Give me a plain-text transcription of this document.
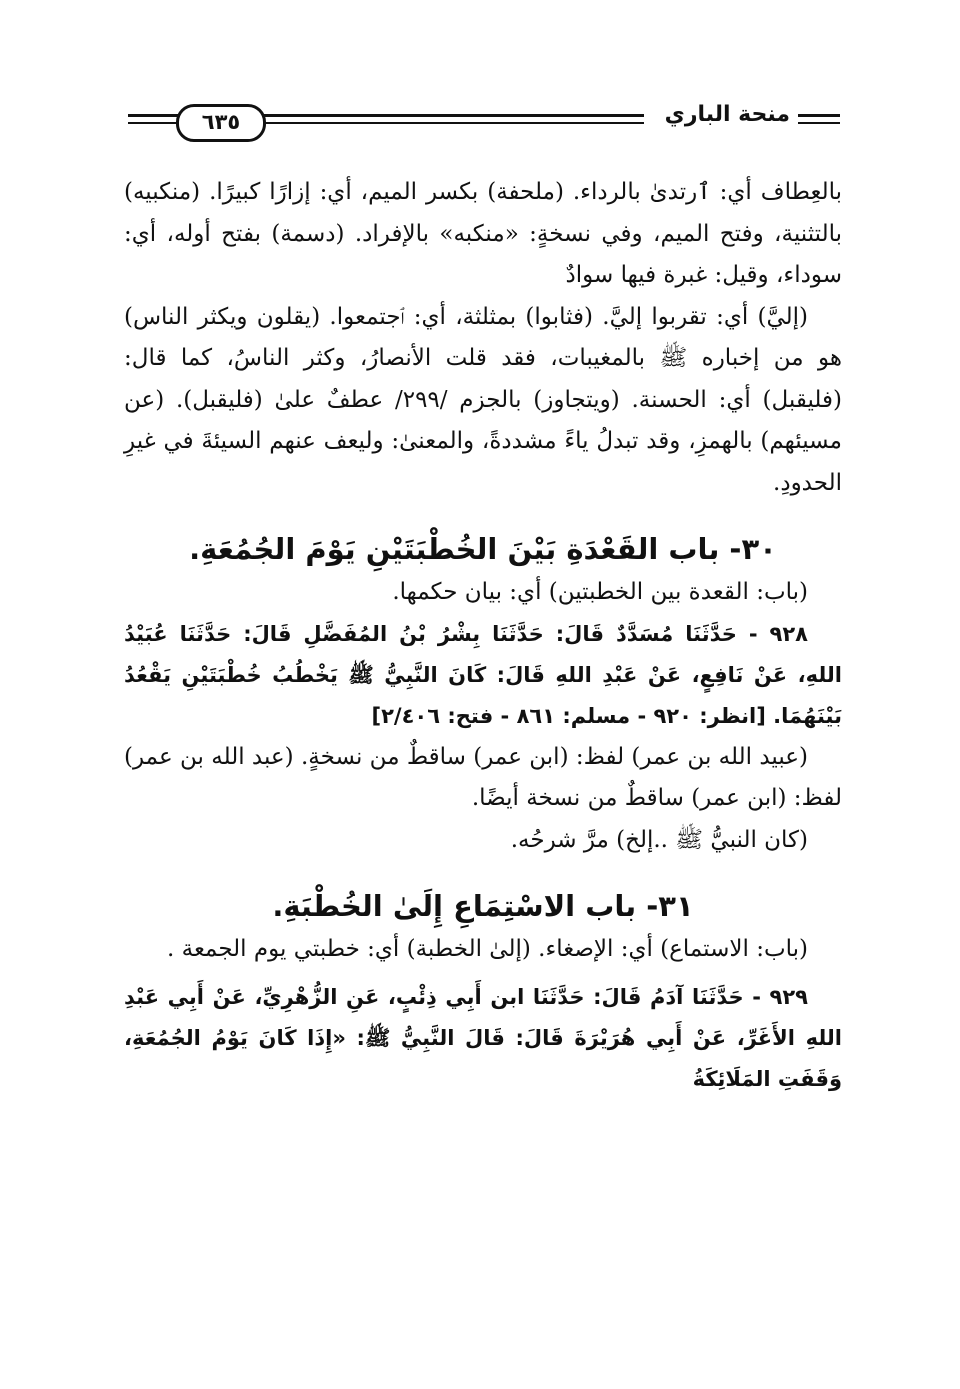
منحة الباري
٦٣٥

بالعِطاف أي: ٱرتدىٰ بالرداء. (ملحفة) بكسر الميم، أي: إزارًا كبيرًا. (منكبيه) بالتثنية، وفتح الميم، وفي نسخةٍ: «منكبه» بالإفراد. (دسمة) بفتح أوله، أي: سوداء، وقيل: غبرة فيها سوادٌ

(إليَّ) أي: تقربوا إليَّ. (فثابوا) بمثلثة، أي: ٱجتمعوا. (يقلون ويكثر الناس) هو من إخباره ﷺ بالمغيبات، فقد قلت الأنصارُ، وكثر الناسُ، كما قال: (فليقبل) أي: الحسنة. (ويتجاوز) بالجزم /٢٩٩/ عطفٌ علىٰ (فليقبل). (عن مسيئهم) بالهمزِ، وقد تبدلُ ياءً مشددةً، والمعنىٰ: وليعف عنهم السيئةَ في غيرِ الحدودِ.

٣٠- باب القَعْدَةِ بَيْنَ الخُطْبَتَيْنِ يَوْمَ الجُمُعَةِ.

(باب: القعدة بين الخطبتين) أي: بيان حكمها.

٩٢٨ - حَدَّثَنَا مُسَدَّدٌ قَالَ: حَدَّثَنَا بِشْرُ بْنُ المُفَضَّلِ قَالَ: حَدَّثَنَا عُبَيْدُ اللهِ، عَنْ نَافِعٍ، عَنْ عَبْدِ اللهِ قَالَ: كَانَ النَّبِيُّ ﷺ يَخْطُبُ خُطْبَتَيْنِ يَقْعُدُ بَيْنَهُمَا. [انظر: ٩٢٠ - مسلم: ٨٦١ - فتح: ٢/٤٠٦]

(عبيد الله بن عمر) لفظ: (ابن عمر) ساقطٌ من نسخةٍ. (عبد الله بن عمر) لفظ: (ابن عمر) ساقطٌ من نسخة أيضًا.

(كان النبيُّ ﷺ ..إلخ) مرَّ شرحُه.

٣١- باب الاسْتِمَاعِ إِلَىٰ الخُطْبَةِ.

(باب: الاستماع) أي: الإصغاء. (إلىٰ الخطبة) أي: خطبتي يوم الجمعة .

٩٢٩ - حَدَّثَنَا آدَمُ قَالَ: حَدَّثَنَا ابن أَبِي ذِئْبٍ، عَنِ الزُّهْرِيِّ، عَنْ أَبِي عَبْدِ اللهِ الأَغَرِّ، عَنْ أَبِي هُرَيْرَةَ قَالَ: قَالَ النَّبِيُّ ﷺ: «إِذَا كَانَ يَوْمُ الجُمُعَةِ، وَقَفَتِ المَلَائِكَةُ
